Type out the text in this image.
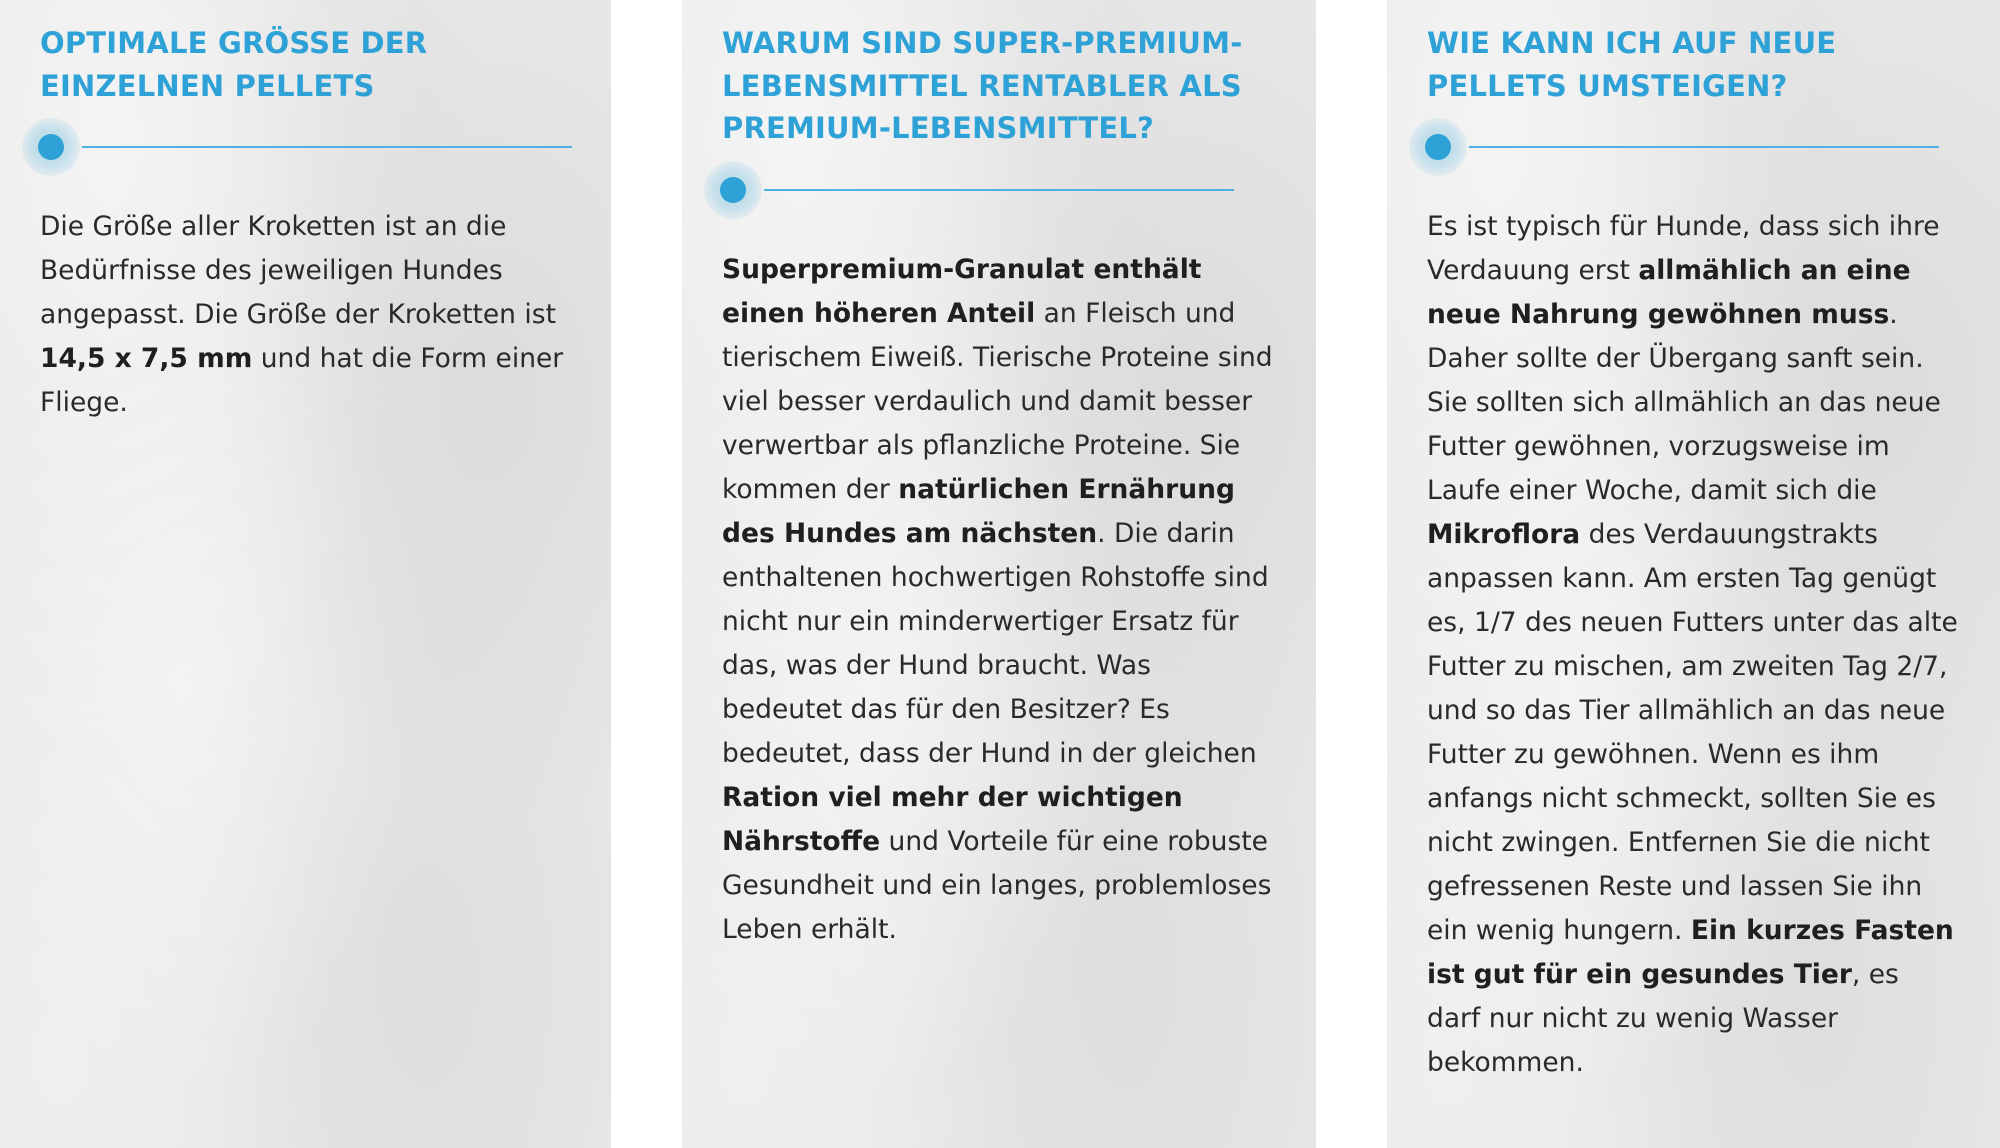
OPTIMALE GRÖSSE DER
EINZELNEN PELLETS

Die Größe aller Kroketten ist an die Bedürfnisse des jeweiligen Hundes angepasst. Die Größe der Kroketten ist 14,5 x 7,5 mm und hat die Form einer Fliege.

WARUM SIND SUPER-PREMIUM-
LEBENSMITTEL RENTABLER ALS
PREMIUM-LEBENSMITTEL?

Superpremium-Granulat enthält einen höheren Anteil an Fleisch und tierischem Eiweiß. Tierische Proteine sind viel besser verdaulich und damit besser verwertbar als pflanzliche Proteine. Sie kommen der natürlichen Ernährung des Hundes am nächsten. Die darin enthaltenen hochwertigen Rohstoffe sind nicht nur ein minderwertiger Ersatz für das, was der Hund braucht. Was bedeutet das für den Besitzer? Es bedeutet, dass der Hund in der gleichen Ration viel mehr der wichtigen Nährstoffe und Vorteile für eine robuste Gesundheit und ein langes, problemloses Leben erhält.

WIE KANN ICH AUF NEUE
PELLETS UMSTEIGEN?

Es ist typisch für Hunde, dass sich ihre Verdauung erst allmählich an eine neue Nahrung gewöhnen muss. Daher sollte der Übergang sanft sein. Sie sollten sich allmählich an das neue Futter gewöhnen, vorzugsweise im Laufe einer Woche, damit sich die Mikroflora des Verdauungstrakts anpassen kann. Am ersten Tag genügt es, 1/7 des neuen Futters unter das alte Futter zu mischen, am zweiten Tag 2/7, und so das Tier allmählich an das neue Futter zu gewöhnen. Wenn es ihm anfangs nicht schmeckt, sollten Sie es nicht zwingen. Entfernen Sie die nicht gefressenen Reste und lassen Sie ihn ein wenig hungern. Ein kurzes Fasten ist gut für ein gesundes Tier, es darf nur nicht zu wenig Wasser bekommen.
